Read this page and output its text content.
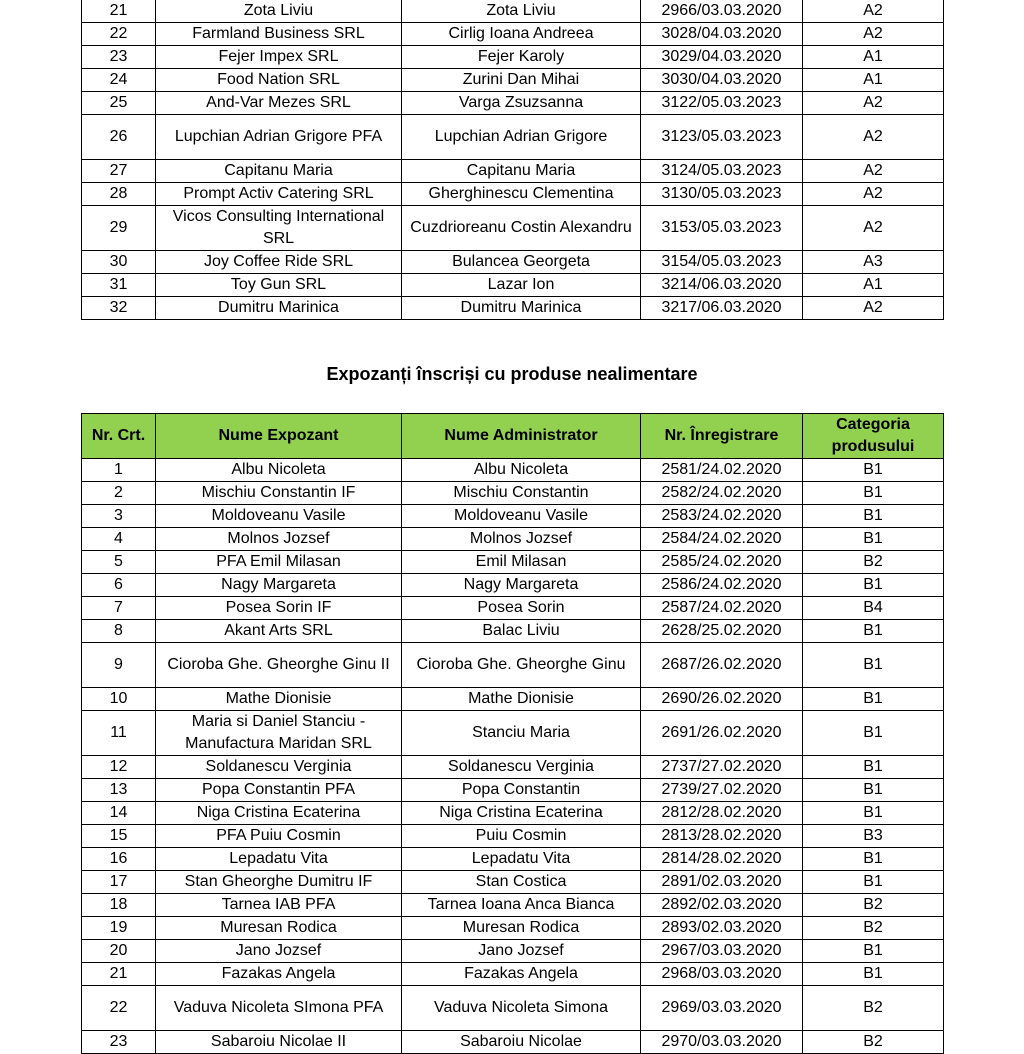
21	Zota Liviu	Zota Liviu	2966/03.03.2020	A2
22	Farmland Business SRL	Cirlig Ioana Andreea	3028/04.03.2020	A2
23	Fejer Impex SRL	Fejer Karoly	3029/04.03.2020	A1
24	Food Nation SRL	Zurini Dan Mihai	3030/04.03.2020	A1
25	And-Var Mezes SRL	Varga Zsuzsanna	3122/05.03.2023	A2
26	Lupchian Adrian Grigore PFA	Lupchian Adrian Grigore	3123/05.03.2023	A2
27	Capitanu Maria	Capitanu Maria	3124/05.03.2023	A2
28	Prompt Activ Catering SRL	Gherghinescu Clementina	3130/05.03.2023	A2
29	Vicos Consulting International SRL	Cuzdrioreanu Costin Alexandru	3153/05.03.2023	A2
30	Joy Coffee Ride SRL	Bulancea Georgeta	3154/05.03.2023	A3
31	Toy Gun SRL	Lazar Ion	3214/06.03.2020	A1
32	Dumitru Marinica	Dumitru Marinica	3217/06.03.2020	A2
Expozanți înscriși cu produse nealimentare
Nr. Crt.	Nume Expozant	Nume Administrator	Nr. Înregistrare	Categoria produsului
1	Albu Nicoleta	Albu Nicoleta	2581/24.02.2020	B1
2	Mischiu Constantin IF	Mischiu Constantin	2582/24.02.2020	B1
3	Moldoveanu Vasile	Moldoveanu Vasile	2583/24.02.2020	B1
4	Molnos Jozsef	Molnos Jozsef	2584/24.02.2020	B1
5	PFA Emil Milasan	Emil Milasan	2585/24.02.2020	B2
6	Nagy Margareta	Nagy Margareta	2586/24.02.2020	B1
7	Posea Sorin IF	Posea Sorin	2587/24.02.2020	B4
8	Akant Arts SRL	Balac Liviu	2628/25.02.2020	B1
9	Cioroba Ghe. Gheorghe Ginu II	Cioroba Ghe. Gheorghe Ginu	2687/26.02.2020	B1
10	Mathe Dionisie	Mathe Dionisie	2690/26.02.2020	B1
11	Maria si Daniel Stanciu - Manufactura Maridan SRL	Stanciu Maria	2691/26.02.2020	B1
12	Soldanescu Verginia	Soldanescu Verginia	2737/27.02.2020	B1
13	Popa Constantin PFA	Popa Constantin	2739/27.02.2020	B1
14	Niga Cristina Ecaterina	Niga Cristina Ecaterina	2812/28.02.2020	B1
15	PFA Puiu Cosmin	Puiu Cosmin	2813/28.02.2020	B3
16	Lepadatu Vita	Lepadatu Vita	2814/28.02.2020	B1
17	Stan Gheorghe Dumitru IF	Stan Costica	2891/02.03.2020	B1
18	Tarnea IAB PFA	Tarnea Ioana Anca Bianca	2892/02.03.2020	B2
19	Muresan Rodica	Muresan Rodica	2893/02.03.2020	B2
20	Jano Jozsef	Jano Jozsef	2967/03.03.2020	B1
21	Fazakas Angela	Fazakas Angela	2968/03.03.2020	B1
22	Vaduva Nicoleta SImona PFA	Vaduva Nicoleta Simona	2969/03.03.2020	B2
23	Sabaroiu Nicolae II	Sabaroiu Nicolae	2970/03.03.2020	B2
